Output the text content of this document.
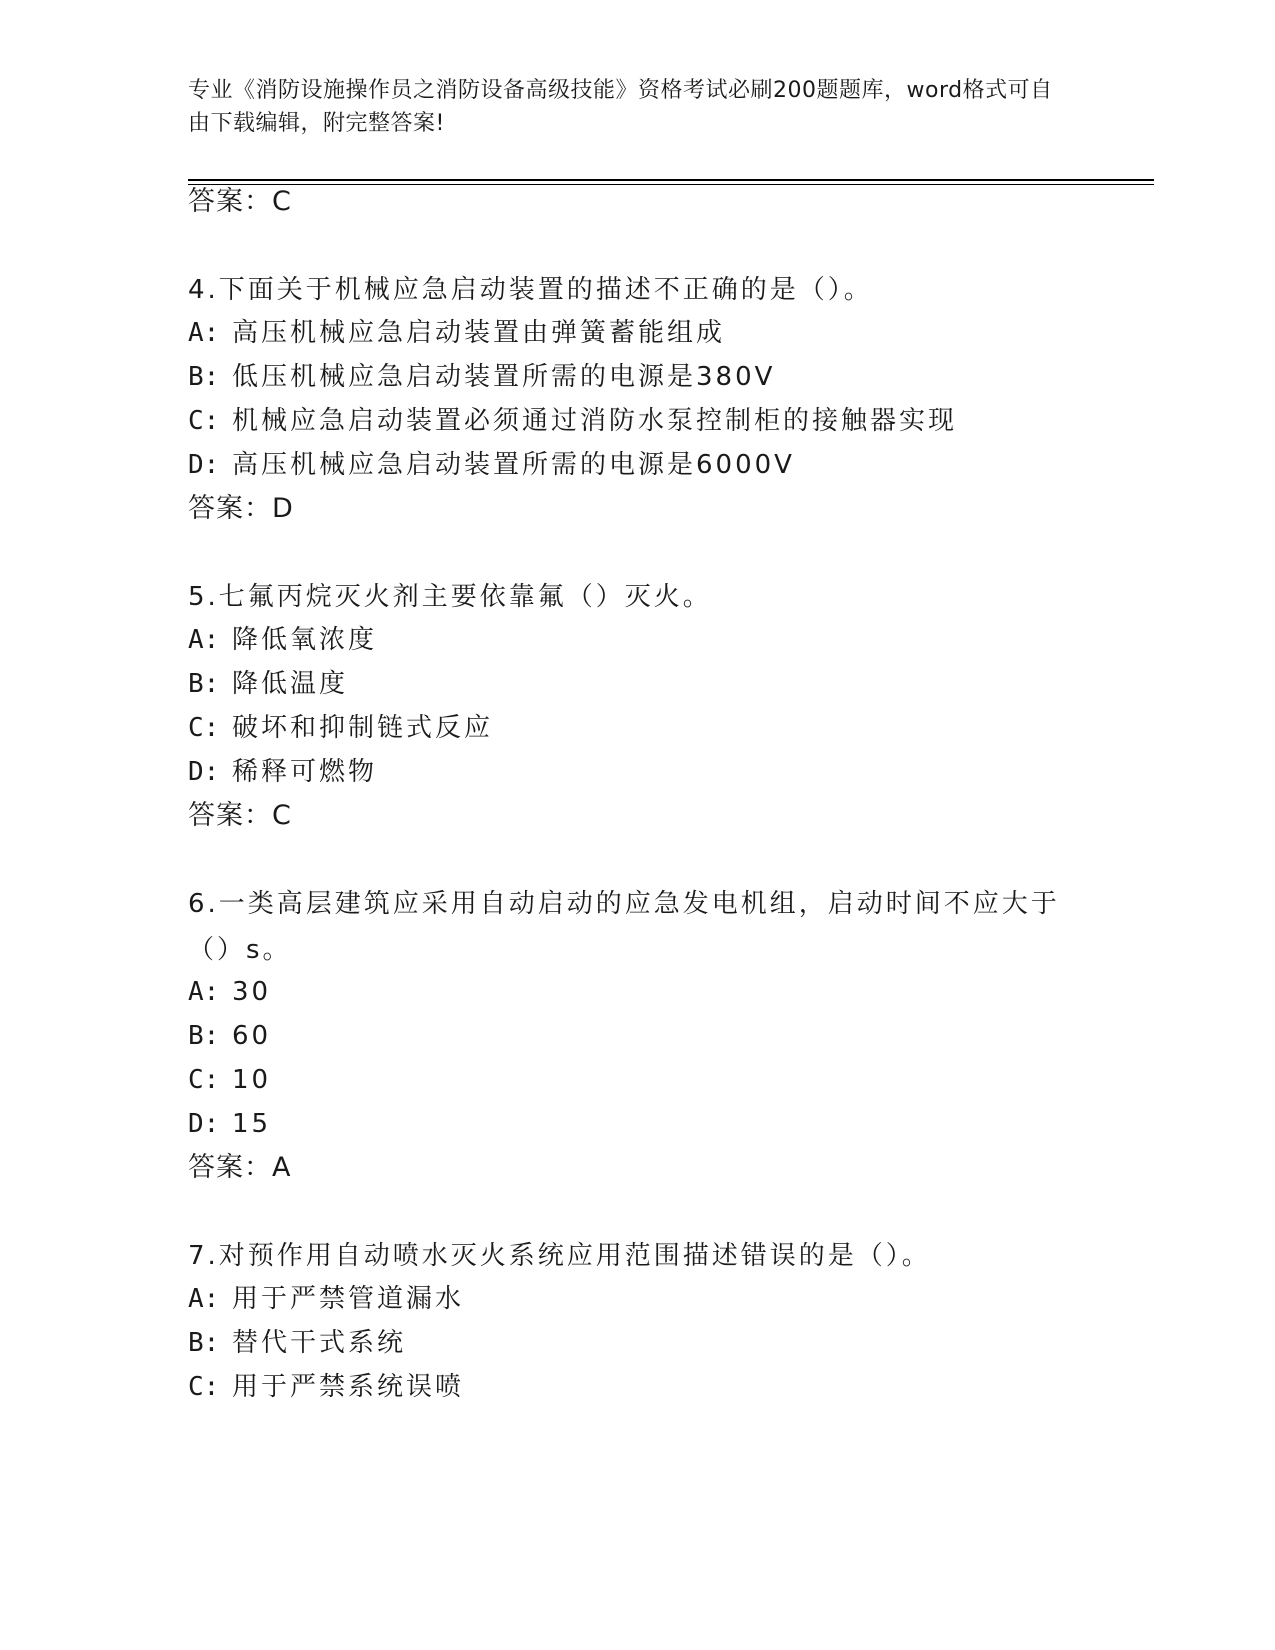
专业《消防设施操作员之消防设备高级技能》资格考试必刷200题题库，word格式可自由下载编辑，附完整答案!
答案：C
4.下面关于机械应急启动装置的描述不正确的是（）。
A: 高压机械应急启动装置由弹簧蓄能组成
B: 低压机械应急启动装置所需的电源是380V
C: 机械应急启动装置必须通过消防水泵控制柜的接触器实现
D: 高压机械应急启动装置所需的电源是6000V
答案：D
5.七氟丙烷灭火剂主要依靠氟（）灭火。
A: 降低氧浓度
B: 降低温度
C: 破坏和抑制链式反应
D: 稀释可燃物
答案：C
6.一类高层建筑应采用自动启动的应急发电机组，启动时间不应大于（）s。
A: 30
B: 60
C: 10
D: 15
答案：A
7.对预作用自动喷水灭火系统应用范围描述错误的是（）。
A: 用于严禁管道漏水
B: 替代干式系统
C: 用于严禁系统误喷
